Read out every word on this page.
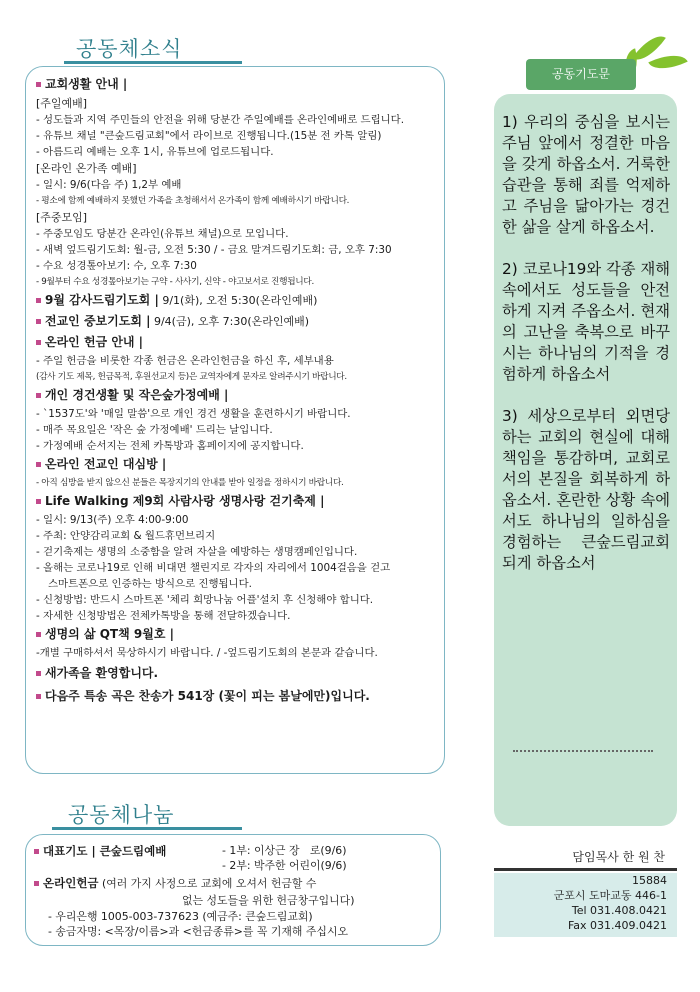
공동체소식
교회생활 안내 |
[주일예배]
- 성도들과 지역 주민들의 안전을 위해 당분간 주일예배를 온라인예배로 드립니다.
- 유튜브 채널 "큰숲드림교회"에서 라이브로 진행됩니다.(15분 전 카톡 알림)
- 아름드리 예배는 오후 1시, 유튜브에 업로드됩니다.
[온라인 온가족 예배]
- 일시: 9/6(다음 주) 1,2부 예배
- 평소에 함께 예배하지 못했던 가족을 초청해서서 온가족이 함께 예배하시기 바랍니다.
[주중모임]
- 주중모임도 당분간 온라인(유튜브 채널)으로 모입니다.
- 새벽 엎드림기도회: 월-금, 오전 5:30 / - 금요 말겨드림기도회: 금, 오후 7:30
- 수요 성경톺아보기: 수, 오후 7:30
- 9월부터 수요 성경톺아보기는 구약 - 사사기, 신약 - 야고보서로 진행됩니다.
9월 감사드림기도회 | 9/1(화), 오전 5:30(온라인예배)
전교인 중보기도회 | 9/4(금), 오후 7:30(온라인예배)
온라인 헌금 안내 |
- 주일 헌금을 비롯한 각종 헌금은 온라인헌금을 하신 후, 세부내용
(감사 기도 제목, 헌금목적, 후원선교지 등)은 교역자에게 문자로 알려주시기 바랍니다.
개인 경건생활 및 작은숲가정예배 |
- `1537도'와 '매일 말씀'으로 개인 경건 생활을 훈련하시기 바랍니다.
- 매주 목요일은 '작은 숲 가정예배' 드리는 날입니다.
- 가정예배 순서지는 전체 카톡방과 홈페이지에 공지합니다.
온라인 전교인 대심방 |
- 아직 심방을 받지 않으신 분들은 목장지기의 안내를 받아 일정을 정하시기 바랍니다.
Life Walking 제9회 사람사랑 생명사랑 걷기축제 |
- 일시: 9/13(주) 오후 4:00-9:00
- 주최: 안양감리교회 & 월드휴먼브리지
- 걷기축제는 생명의 소중함을 알려 자살을 예방하는 생명캠페인입니다.
- 올해는 코로나19로 인해 비대면 챌린지로 각자의 자리에서 1004걸음을 걷고
스마트폰으로 인증하는 방식으로 진행됩니다.
- 신청방법: 반드시 스마트폰 '체리 희망나눔 어플'설치 후 신청해야 합니다.
- 자세한 신청방법은 전체카톡방을 통해 전달하겠습니다.
생명의 삶 QT책 9월호 |
-개별 구매하셔서 묵상하시기 바랍니다. / -엎드림기도회의 본문과 같습니다.
새가족을 환영합니다.
다음주 특송 곡은 찬송가 541장 (꽃이 피는 봄날에만)입니다.
공동체나눔
대표기도 | 큰숲드림예배	- 1부: 이상근 장   로(9/6)
- 2부: 박주한 어린이(9/6)
온라인헌금 (여러 가지 사정으로 교회에 오셔서 헌금할 수
없는 성도들을 위한 헌금창구입니다)
- 우리은행 1005-003-737623 (예금주: 큰숲드림교회)
- 송금자명: <목장/이름>과 <헌금종류>를 꼭 기재해 주십시오
공동기도문

1) 우리의 중심을 보시는 주님 앞에서 정결한 마음을 갖게 하옵소서. 거룩한 습관을 통해 죄를 억제하고 주님을 닮아가는 경건한 삶을 살게 하옵소서.

2) 코로나19와 각종 재해 속에서도 성도들을 안전하게 지켜 주옵소서. 현재의 고난을 축복으로 바꾸시는 하나님의 기적을 경험하게 하옵소서

3) 세상으로부터 외면당하는 교회의 현실에 대해 책임을 통감하며, 교회로서의 본질을 회복하게 하옵소서. 혼란한 상황 속에서도 하나님의 일하심을 경험하는 큰숲드림교회 되게 하옵소서

담임목사 한 원 찬
15884
군포시 도마교동 446-1
Tel 031.408.0421
Fax 031.409.0421
